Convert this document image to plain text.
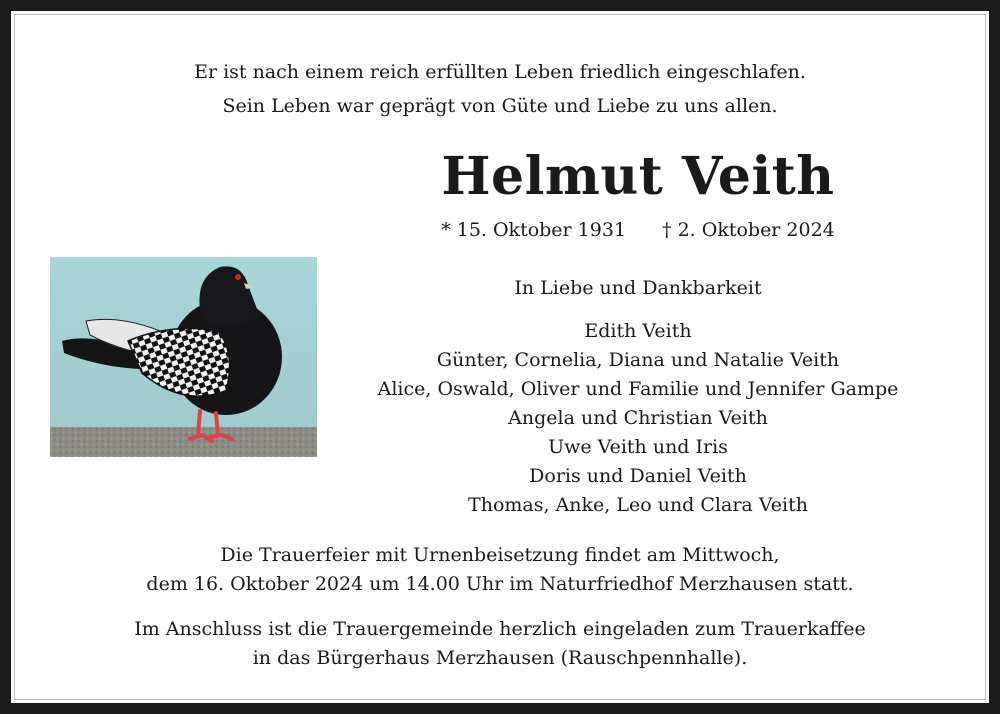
Er ist nach einem reich erfüllten Leben friedlich eingeschlafen.
Sein Leben war geprägt von Güte und Liebe zu uns allen.
Helmut Veith
* 15. Oktober 1931 † 2. Oktober 2024
In Liebe und Dankbarkeit
Edith Veith
Günter, Cornelia, Diana und Natalie Veith
Alice, Oswald, Oliver und Familie und Jennifer Gampe
Angela und Christian Veith
Uwe Veith und Iris
Doris und Daniel Veith
Thomas, Anke, Leo und Clara Veith
Die Trauerfeier mit Urnenbeisetzung findet am Mittwoch,
dem 16. Oktober 2024 um 14.00 Uhr im Naturfriedhof Merzhausen statt.
Im Anschluss ist die Trauergemeinde herzlich eingeladen zum Trauerkaffee
in das Bürgerhaus Merzhausen (Rauschpennhalle).
